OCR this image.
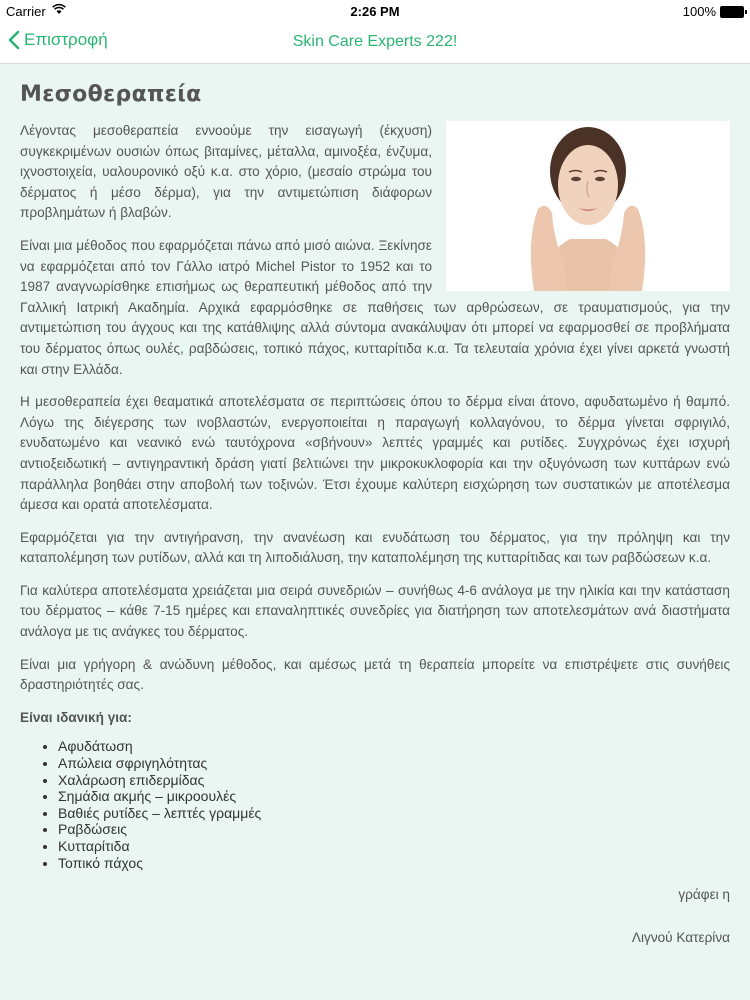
Carrier	2:26 PM	100%
Επιστροφή	Skin Care Experts 222!
Μεσοθεραπεία

Λέγοντας μεσοθεραπεία εννοούμε την εισαγωγή (έκχυση) συγκεκριμένων ουσιών όπως βιταμίνες, μέταλλα, αμινοξέα, ένζυμα, ιχνοστοιχεία, υαλουρονικό οξύ κ.α. στο χόριο, (μεσαίο στρώμα του δέρματος ή μέσο δέρμα), για την αντιμετώπιση διάφορων προβλημάτων ή βλαβών.

Είναι μια μέθοδος που εφαρμόζεται πάνω από μισό αιώνα. Ξεκίνησε να εφαρμόζεται από τον Γάλλο ιατρό Michel Pistor το 1952 και το 1987 αναγνωρίσθηκε επισήμως ως θεραπευτική μέθοδος από την Γαλλική Ιατρική Ακαδημία. Αρχικά εφαρμόσθηκε σε παθήσεις των αρθρώσεων, σε τραυματισμούς, για την αντιμετώπιση του άγχους και της κατάθλιψης αλλά σύντομα ανακάλυψαν ότι μπορεί να εφαρμοσθεί σε προβλήματα του δέρματος όπως ουλές, ραβδώσεις, τοπικό πάχος, κυτταρίτιδα κ.α. Τα τελευταία χρόνια έχει γίνει αρκετά γνωστή και στην Ελλάδα.

Η μεσοθεραπεία έχει θεαματικά αποτελέσματα σε περιπτώσεις όπου το δέρμα είναι άτονο, αφυδατωμένο ή θαμπό. Λόγω της διέγερσης των ινοβλαστών, ενεργοποιείται η παραγωγή κολλαγόνου, το δέρμα γίνεται σφριγιλό, ενυδατωμένο και νεανικό ενώ ταυτόχρονα «σβήνουν» λεπτές γραμμές και ρυτίδες. Συγχρόνως έχει ισχυρή αντιοξειδωτική – αντιγηραντική δράση γιατί βελτιώνει την μικροκυκλοφορία και την οξυγόνωση των κυττάρων ενώ παράλληλα βοηθάει στην αποβολή των τοξινών. Έτσι έχουμε καλύτερη εισχώρηση των συστατικών με αποτέλεσμα άμεσα και ορατά αποτελέσματα.

Εφαρμόζεται για την αντιγήρανση, την ανανέωση και ενυδάτωση του δέρματος, για την πρόληψη και την καταπολέμηση των ρυτίδων, αλλά και τη λιποδιάλυση, την καταπολέμηση της κυτταρίτιδας και των ραβδώσεων κ.α.

Για καλύτερα αποτελέσματα χρειάζεται μια σειρά συνεδριών – συνήθως 4-6 ανάλογα με την ηλικία και την κατάσταση του δέρματος – κάθε 7-15 ημέρες και επαναληπτικές συνεδρίες για διατήρηση των αποτελεσμάτων ανά διαστήματα ανάλογα με τις ανάγκες του δέρματος.

Είναι μια γρήγορη & ανώδυνη μέθοδος, και αμέσως μετά τη θεραπεία μπορείτε να επιστρέψετε στις συνήθεις δραστηριότητές σας.

Είναι ιδανική για:

• Αφυδάτωση
• Απώλεια σφριγηλότητας
• Χαλάρωση επιδερμίδας
• Σημάδια ακμής – μικροουλές
• Βαθιές ρυτίδες – λεπτές γραμμές
• Ραβδώσεις
• Κυτταρίτιδα
• Τοπικό πάχος

γράφει η

Λιγνού Κατερίνα
